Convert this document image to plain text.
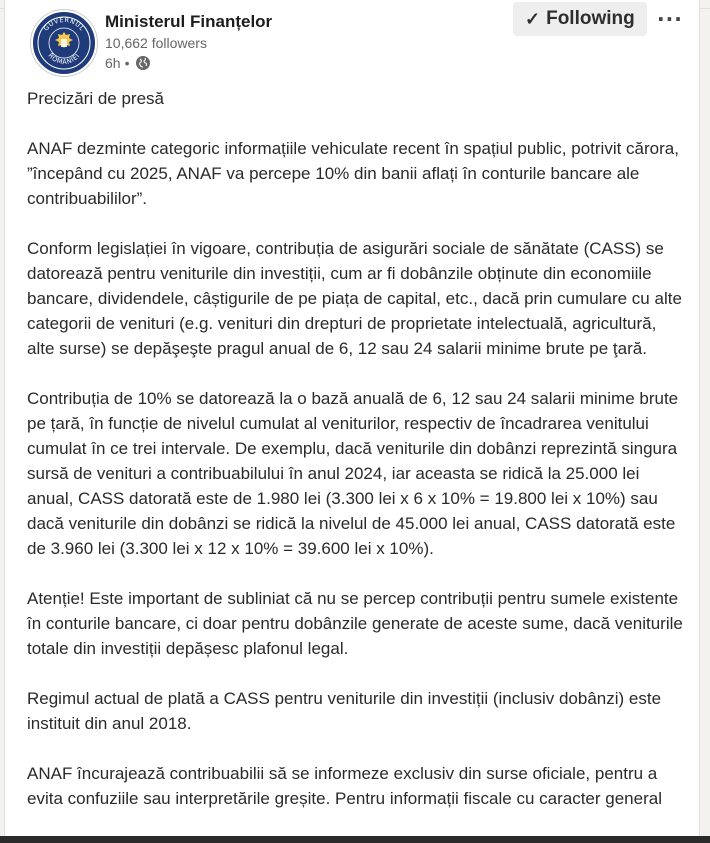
GUVERNUL
ROMÂNIEI
Ministerul Finanțelor
10,662 followers
6h •
✓ Following	···

Precizări de presă

ANAF dezminte categoric informațiile vehiculate recent în spațiul public, potrivit cărora, ”începând cu 2025, ANAF va percepe 10% din banii aflați în conturile bancare ale contribuabililor”.

Conform legislației în vigoare, contribuția de asigurări sociale de sănătate (CASS) se datorează pentru veniturile din investiții, cum ar fi dobânzile obținute din economiile bancare, dividendele, câștigurile de pe piața de capital, etc., dacă prin cumulare cu alte categorii de venituri (e.g. venituri din drepturi de proprietate intelectuală, agricultură, alte surse) se depăşeşte pragul anual de 6, 12 sau 24 salarii minime brute pe ţară.

Contribuția de 10% se datorează la o bază anuală de 6, 12 sau 24 salarii minime brute pe țară, în funcție de nivelul cumulat al veniturilor, respectiv de încadrarea venitului cumulat în ce trei intervale. De exemplu, dacă veniturile din dobânzi reprezintă singura sursă de venituri a contribuabilului în anul 2024, iar aceasta se ridică la 25.000 lei anual, CASS datorată este de 1.980 lei (3.300 lei x 6 x 10% = 19.800 lei x 10%) sau dacă veniturile din dobânzi se ridică la nivelul de 45.000 lei anual, CASS datorată este de 3.960 lei (3.300 lei x 12 x 10% = 39.600 lei x 10%).

Atenție! Este important de subliniat că nu se percep contribuții pentru sumele existente în conturile bancare, ci doar pentru dobânzile generate de aceste sume, dacă veniturile totale din investiții depășesc plafonul legal.

Regimul actual de plată a CASS pentru veniturile din investiții (inclusiv dobânzi) este instituit din anul 2018.

ANAF încurajează contribuabilii să se informeze exclusiv din surse oficiale, pentru a evita confuziile sau interpretările greșite. Pentru informații fiscale cu caracter general
